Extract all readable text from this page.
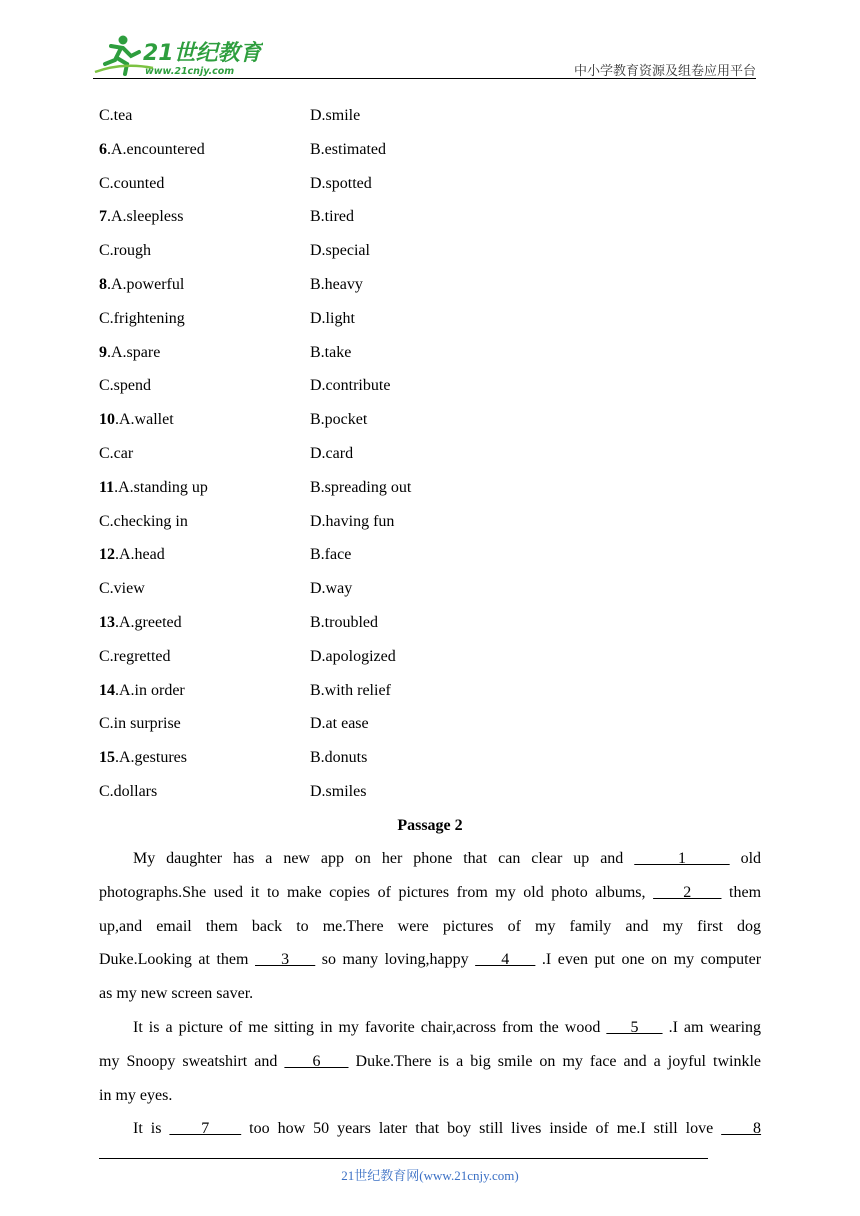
21世纪教育
www.21cnjy.com	中小学教育资源及组卷应用平台
C.tea	D.smile
6.A.encountered	B.estimated
C.counted	D.spotted
7.A.sleepless	B.tired
C.rough	D.special
8.A.powerful	B.heavy
C.frightening	D.light
9.A.spare	B.take
C.spend	D.contribute
10.A.wallet	B.pocket
C.car	D.card
11.A.standing up	B.spreading out
C.checking in	D.having fun
12.A.head	B.face
C.view	D.way
13.A.greeted	B.troubled
C.regretted	D.apologized
14.A.in order	B.with relief
C.in surprise	D.at ease
15.A.gestures	B.donuts
C.dollars	D.smiles
Passage 2
My daughter has a new app on her phone that can clear up and     1     old
photographs.She used it to make copies of pictures from my old photo albums,     2     them
up,and email them back to me.There were pictures of my family and my first dog
Duke.Looking at them     3     so many loving,happy     4     .I even put one on my computer
as my new screen saver.
It is a picture of me sitting in my favorite chair,across from the wood     5     .I am wearing
my Snoopy sweatshirt and     6     Duke.There is a big smile on my face and a joyful twinkle
in my eyes.
It is     7     too how 50 years later that boy still lives inside of me.I still love     8
21世纪教育网(www.21cnjy.com)
